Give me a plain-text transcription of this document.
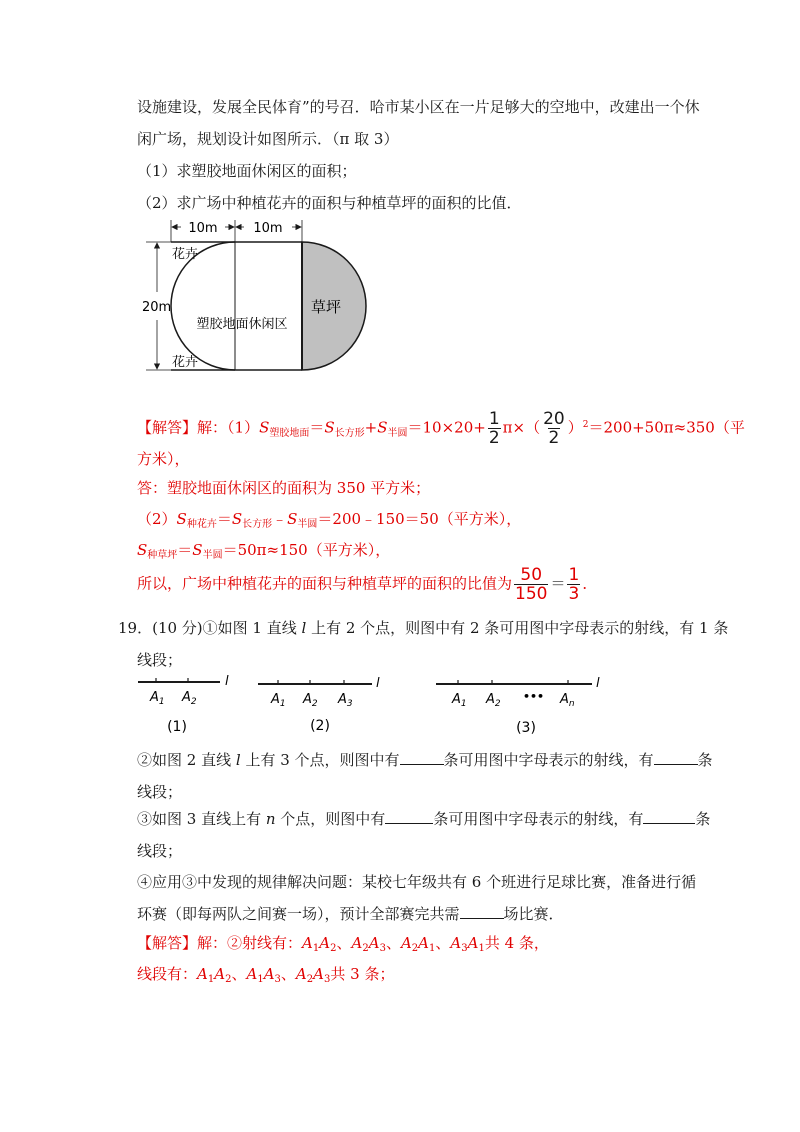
设施建设，发展全民体育”的号召．哈市某小区在一片足够大的空地中，改建出一个休
闲广场，规划设计如图所示．（π 取 3）
（1）求塑胶地面休闲区的面积；
（2）求广场中种植花卉的面积与种植草坪的面积的比值．
10m	10m
20m
花卉
花卉
塑胶地面休闲区
草坪
【解答】解：$(1)S_{塑胶地面}=S_{长方形}+S_{半圆}=10\times 20+ \frac{1}{2} \pi\times( \frac{20}{2} )^2=200+50\pi\approx 350$（平
方米），
答：塑胶地面休闲区的面积为 350 平方米；
$(2)S_{种花卉}=S_{长方形}﹣S_{半圆}=200﹣150=50$（平方米），
$S_{种草坪}=S_{半圆}=50\pi\approx 150$（平方米），
所以，广场中种植花卉的面积与种植草坪的面积的比值为 $\frac{50}{150} = \frac{1}{3}$ ．
19．(10 分)①如图 1 直线 l 上有 2 个点，则图中有 2 条可用图中字母表示的射线，有 1 条
线段；
$A_1$ $A_2$
l
(1)
$A_1$ $A_2$ $A_3$
l
(2)
$A_1$ $A_2$
••• $A_n$
l
(3)
②如图 2 直线 l 上有 3 个点，则图中有	条可用图中字母表示的射线，有	条
线段；
③如图 3 直线上有 n 个点，则图中有	条可用图中字母表示的射线，有	条
线段；
④应用③中发现的规律解决问题：某校七年级共有 6 个班进行足球比赛，准备进行循
环赛（即每两队之间赛一场），预计全部赛完共需	场比赛．
【解答】解：②射线有：$A_1A_2$、$A_2A_3$、$A_2A_1$、$A_3A_1$共 4 条，
线段有：$A_1A_2$、$A_1A_3$、$A_2A_3$共 3 条；
